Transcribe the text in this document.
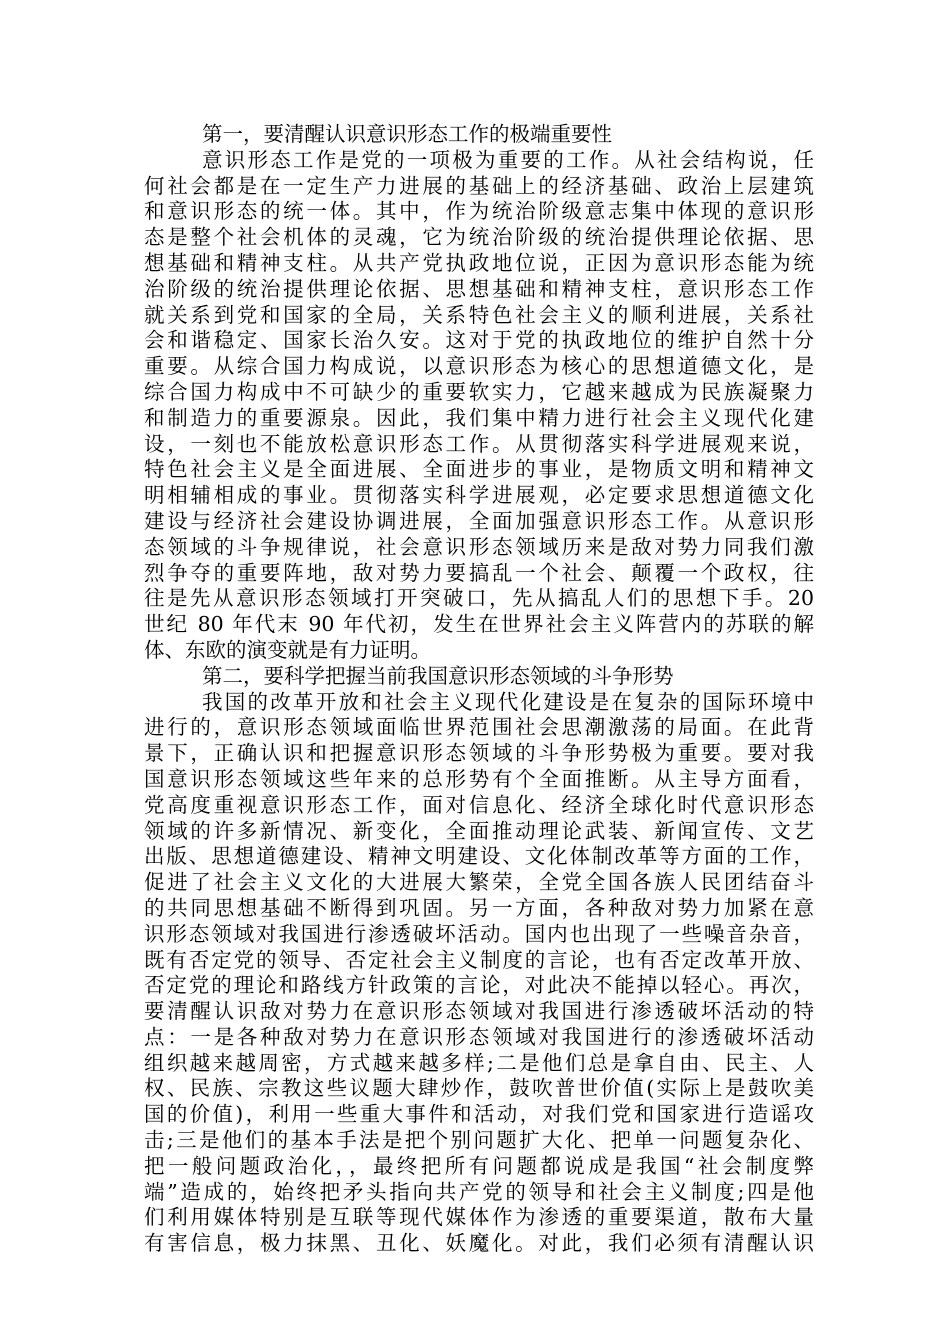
第一，要清醒认识意识形态工作的极端重要性
意识形态工作是党的一项极为重要的工作。从社会结构说，任
何社会都是在一定生产力进展的基础上的经济基础、政治上层建筑
和意识形态的统一体。其中，作为统治阶级意志集中体现的意识形
态是整个社会机体的灵魂，它为统治阶级的统治提供理论依据、思
想基础和精神支柱。从共产党执政地位说，正因为意识形态能为统
治阶级的统治提供理论依据、思想基础和精神支柱，意识形态工作
就关系到党和国家的全局，关系特色社会主义的顺利进展，关系社
会和谐稳定、国家长治久安。这对于党的执政地位的维护自然十分
重要。从综合国力构成说，以意识形态为核心的思想道德文化，是
综合国力构成中不可缺少的重要软实力，它越来越成为民族凝聚力
和制造力的重要源泉。因此，我们集中精力进行社会主义现代化建
设，一刻也不能放松意识形态工作。从贯彻落实科学进展观来说，
特色社会主义是全面进展、全面进步的事业，是物质文明和精神文
明相辅相成的事业。贯彻落实科学进展观，必定要求思想道德文化
建设与经济社会建设协调进展，全面加强意识形态工作。从意识形
态领域的斗争规律说，社会意识形态领域历来是敌对势力同我们激
烈争夺的重要阵地，敌对势力要搞乱一个社会、颠覆一个政权，往
往是先从意识形态领域打开突破口，先从搞乱人们的思想下手。20
世纪 80 年代末 90 年代初，发生在世界社会主义阵营内的苏联的解
体、东欧的演变就是有力证明。
第二，要科学把握当前我国意识形态领域的斗争形势
我国的改革开放和社会主义现代化建设是在复杂的国际环境中
进行的，意识形态领域面临世界范围社会思潮激荡的局面。在此背
景下，正确认识和把握意识形态领域的斗争形势极为重要。要对我
国意识形态领域这些年来的总形势有个全面推断。从主导方面看，
党高度重视意识形态工作，面对信息化、经济全球化时代意识形态
领域的许多新情况、新变化，全面推动理论武装、新闻宣传、文艺
出版、思想道德建设、精神文明建设、文化体制改革等方面的工作，
促进了社会主义文化的大进展大繁荣，全党全国各族人民团结奋斗
的共同思想基础不断得到巩固。另一方面，各种敌对势力加紧在意
识形态领域对我国进行渗透破坏活动。国内也出现了一些噪音杂音，
既有否定党的领导、否定社会主义制度的言论，也有否定改革开放、
否定党的理论和路线方针政策的言论，对此决不能掉以轻心。再次，
要清醒认识敌对势力在意识形态领域对我国进行渗透破坏活动的特
点：一是各种敌对势力在意识形态领域对我国进行的渗透破坏活动
组织越来越周密，方式越来越多样;二是他们总是拿自由、民主、人
权、民族、宗教这些议题大肆炒作，鼓吹普世价值(实际上是鼓吹美
国的价值)，利用一些重大事件和活动，对我们党和国家进行造谣攻
击;三是他们的基本手法是把个别问题扩大化、把单一问题复杂化、
把一般问题政治化，，最终把所有问题都说成是我国“社会制度弊
端”造成的，始终把矛头指向共产党的领导和社会主义制度;四是他
们利用媒体特别是互联等现代媒体作为渗透的重要渠道，散布大量
有害信息，极力抹黑、丑化、妖魔化。对此，我们必须有清醒认识
